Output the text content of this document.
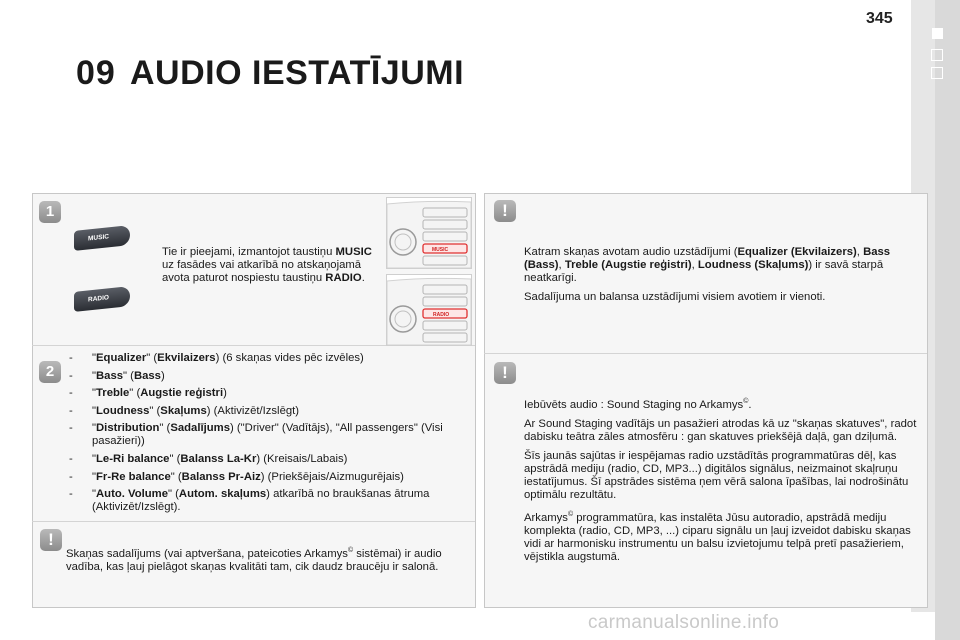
345
09 AUDIO IESTATĪJUMI
1
2
!
MUSIC
RADIO
Tie ir pieejami, izmantojot taustiņu MUSIC uz fasādes vai atkarībā no atskaņojamā avota paturot nospiestu taustiņu RADIO.
MUSIC
RADIO
- "Equalizer" (Ekvilaizers) (6 skaņas vides pēc izvēles)
- "Bass" (Bass)
- "Treble" (Augstie reģistri)
- "Loudness" (Skaļums) (Aktivizēt/Izslēgt)
- "Distribution" (Sadalījums) ("Driver" (Vadītājs), "All passengers" (Visi pasažieri))
- "Le-Ri balance" (Balanss La-Kr) (Kreisais/Labais)
- "Fr-Re balance" (Balanss Pr-Aiz) (Priekšējais/Aizmugurējais)
- "Auto. Volume" (Autom. skaļums) atkarībā no braukšanas ātruma (Aktivizēt/Izslēgt).
Skaņas sadalījums (vai aptveršana, pateicoties Arkamys© sistēmai) ir audio vadība, kas ļauj pielāgot skaņas kvalitāti tam, cik daudz braucēju ir salonā.
!
!

Katram skaņas avotam audio uzstādījumi (Equalizer (Ekvilaizers), Bass (Bass), Treble (Augstie reģistri), Loudness (Skaļums)) ir savā starpā neatkarīgi.

Sadalījuma un balansa uzstādījumi visiem avotiem ir vienoti.

Iebūvēts audio : Sound Staging no Arkamys©.

Ar Sound Staging vadītājs un pasažieri atrodas kā uz "skaņas skatuves", radot dabisku teātra zāles atmosfēru : gan skatuves priekšējā daļā, gan dziļumā.

Šīs jaunās sajūtas ir iespējamas radio uzstādītās programmatūras dēļ, kas apstrādā mediju (radio, CD, MP3...) digitālos signālus, neizmainot skaļruņu iestatījumus. Šī apstrādes sistēma ņem vērā salona īpašības, lai nodrošinātu optimālu rezultātu.

Arkamys© programmatūra, kas instalēta Jūsu autoradio, apstrādā mediju komplekta (radio, CD, MP3, ...) ciparu signālu un ļauj izveidot dabisku skaņas vidi ar harmonisku instrumentu un balsu izvietojumu telpā pretī pasažieriem, vējstikla augstumā.

carmanualsonline.info
